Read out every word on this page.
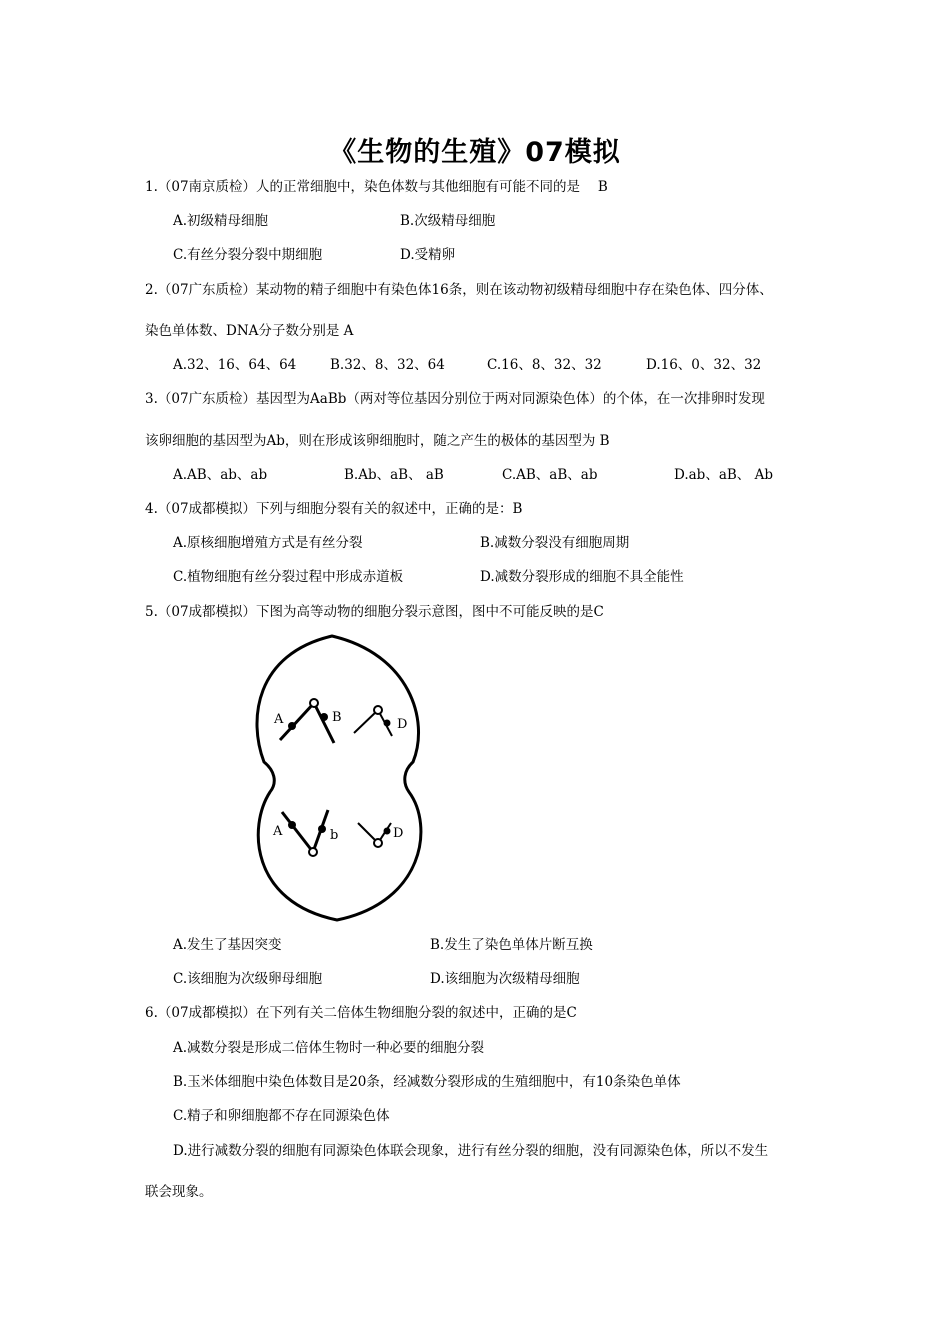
《生物的生殖》07模拟
1.（07南京质检）人的正常细胞中，染色体数与其他细胞有可能不同的是　 B
A.初级精母细胞	B.次级精母细胞
C.有丝分裂分裂中期细胞	D.受精卵
2.（07广东质检）某动物的精子细胞中有染色体16条，则在该动物初级精母细胞中存在染色体、四分体、
染色单体数、DNA分子数分别是 A
A.32、16、64、64 B.32、8、32、64	C.16、8、32、32	D.16、0、32、32
3.（07广东质检）基因型为AaBb（两对等位基因分别位于两对同源染色体）的个体，在一次排卵时发现
该卵细胞的基因型为Ab，则在形成该卵细胞时，随之产生的极体的基因型为 B
A.AB、ab、ab	B.Ab、aB、 aB	C.AB、aB、ab	D.ab、aB、 Ab
4.（07成都模拟）下列与细胞分裂有关的叙述中，正确的是：B
A.原核细胞增殖方式是有丝分裂	B.减数分裂没有细胞周期
C.植物细胞有丝分裂过程中形成赤道板	D.减数分裂形成的细胞不具全能性
5.（07成都模拟）下图为高等动物的细胞分裂示意图，图中不可能反映的是C
A	B	D
A	b	D
A.发生了基因突变	B.发生了染色单体片断互换
C.该细胞为次级卵母细胞	D.该细胞为次级精母细胞
6.（07成都模拟）在下列有关二倍体生物细胞分裂的叙述中，正确的是C
A.减数分裂是形成二倍体生物时一种必要的细胞分裂
B.玉米体细胞中染色体数目是20条，经减数分裂形成的生殖细胞中，有10条染色单体
C.精子和卵细胞都不存在同源染色体
D.进行减数分裂的细胞有同源染色体联会现象，进行有丝分裂的细胞，没有同源染色体，所以不发生
联会现象。
